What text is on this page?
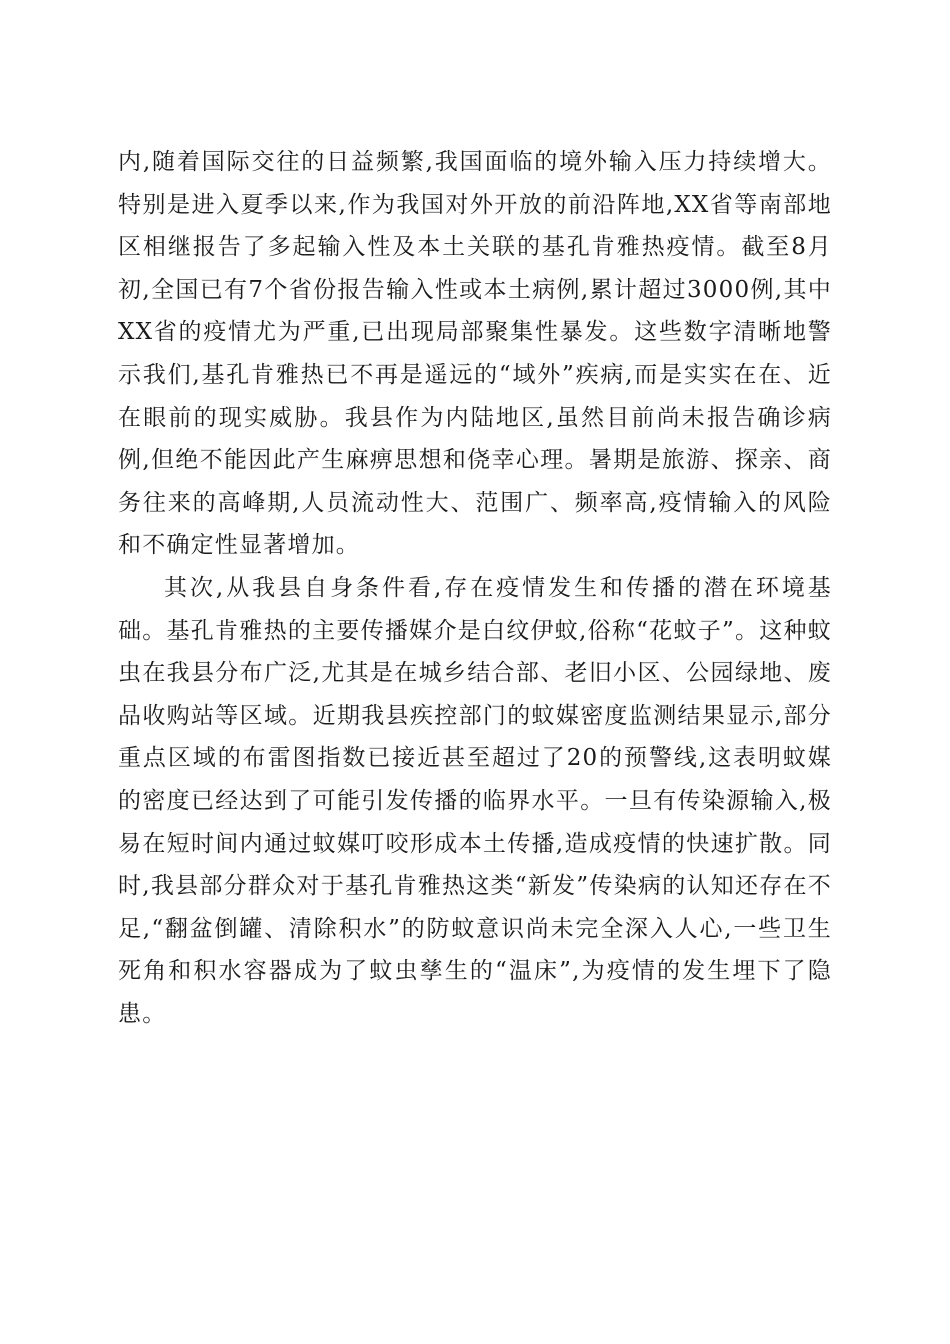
内,随着国际交往的日益频繁,我国面临的境外输入压力持续增大。特别是进入夏季以来,作为我国对外开放的前沿阵地,XX省等南部地区相继报告了多起输入性及本土关联的基孔肯雅热疫情。截至8月初,全国已有7个省份报告输入性或本土病例,累计超过3000例,其中XX省的疫情尤为严重,已出现局部聚集性暴发。这些数字清晰地警示我们,基孔肯雅热已不再是遥远的“域外”疾病,而是实实在在、近在眼前的现实威胁。我县作为内陆地区,虽然目前尚未报告确诊病例,但绝不能因此产生麻痹思想和侥幸心理。暑期是旅游、探亲、商务往来的高峰期,人员流动性大、范围广、频率高,疫情输入的风险和不确定性显著增加。

其次,从我县自身条件看,存在疫情发生和传播的潜在环境基础。基孔肯雅热的主要传播媒介是白纹伊蚊,俗称“花蚊子”。这种蚊虫在我县分布广泛,尤其是在城乡结合部、老旧小区、公园绿地、废品收购站等区域。近期我县疾控部门的蚊媒密度监测结果显示,部分重点区域的布雷图指数已接近甚至超过了20的预警线,这表明蚊媒的密度已经达到了可能引发传播的临界水平。一旦有传染源输入,极易在短时间内通过蚊媒叮咬形成本土传播,造成疫情的快速扩散。同时,我县部分群众对于基孔肯雅热这类“新发”传染病的认知还存在不足,“翻盆倒罐、清除积水”的防蚊意识尚未完全深入人心,一些卫生死角和积水容器成为了蚊虫孳生的“温床”,为疫情的发生埋下了隐患。
